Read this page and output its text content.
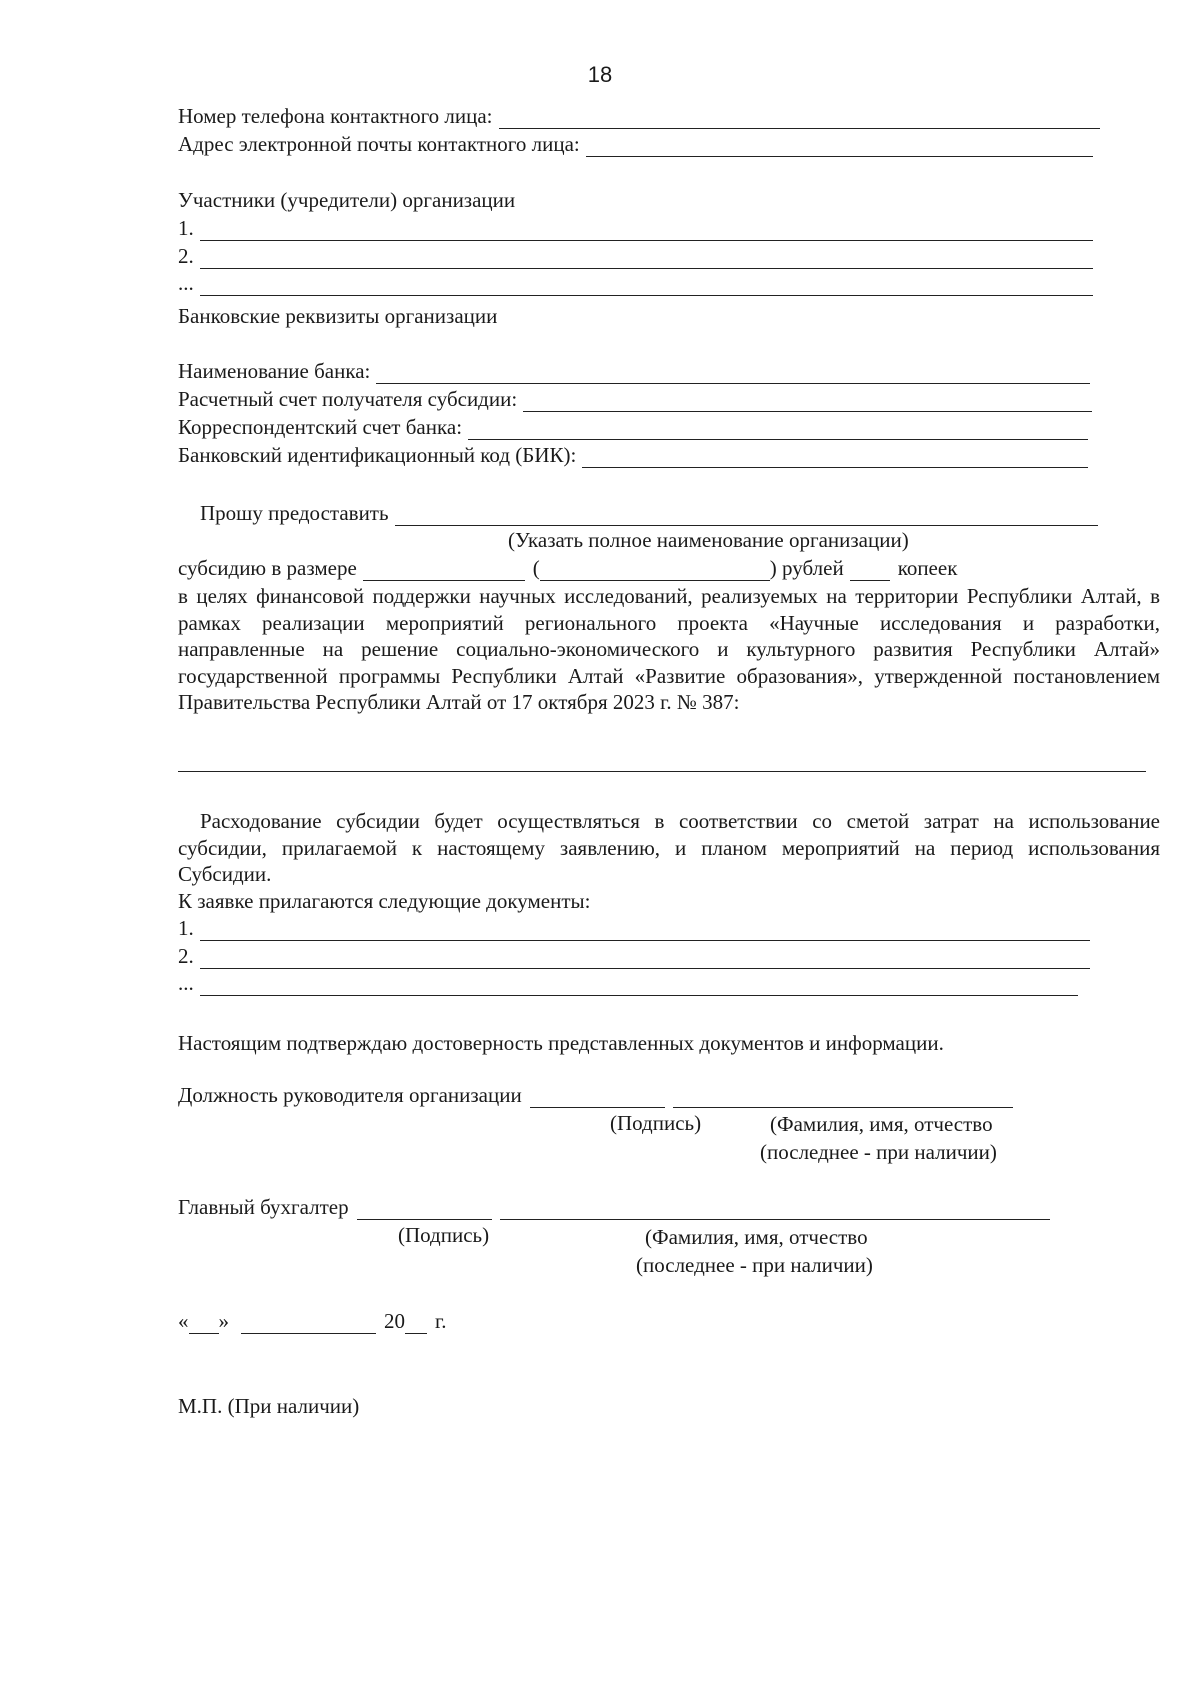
18
Номер телефона контактного лица:
Адрес электронной почты контактного лица:
Участники (учредители) организации
1.
2.
...
Банковские реквизиты организации
Наименование банка:
Расчетный счет получателя субсидии:
Корреспондентский счет банка:
Банковский идентификационный код (БИК):
Прошу предоставить
(Указать полное наименование организации)
субсидию в размере	(	) рублей	копеек
в целях финансовой поддержки научных исследований, реализуемых на территории Республики Алтай, в рамках реализации мероприятий регионального проекта «Научные исследования и разработки, направленные на решение социально-экономического и культурного развития Республики Алтай» государственной программы Республики Алтай «Развитие образования», утвержденной постановлением Правительства Республики Алтай от 17 октября 2023 г. № 387:
Расходование субсидии будет осуществляться в соответствии со сметой затрат на использование субсидии, прилагаемой к настоящему заявлению, и планом мероприятий на период использования Субсидии.
К заявке прилагаются следующие документы:
1.
2.
...
Настоящим подтверждаю достоверность представленных документов и информации.
Должность руководителя организации
(Подпись)	(Фамилия, имя, отчество
(последнее - при наличии)
Главный бухгалтер
(Подпись)	(Фамилия, имя, отчество
(последнее - при наличии)
« »	20 г.
М.П. (При наличии)
